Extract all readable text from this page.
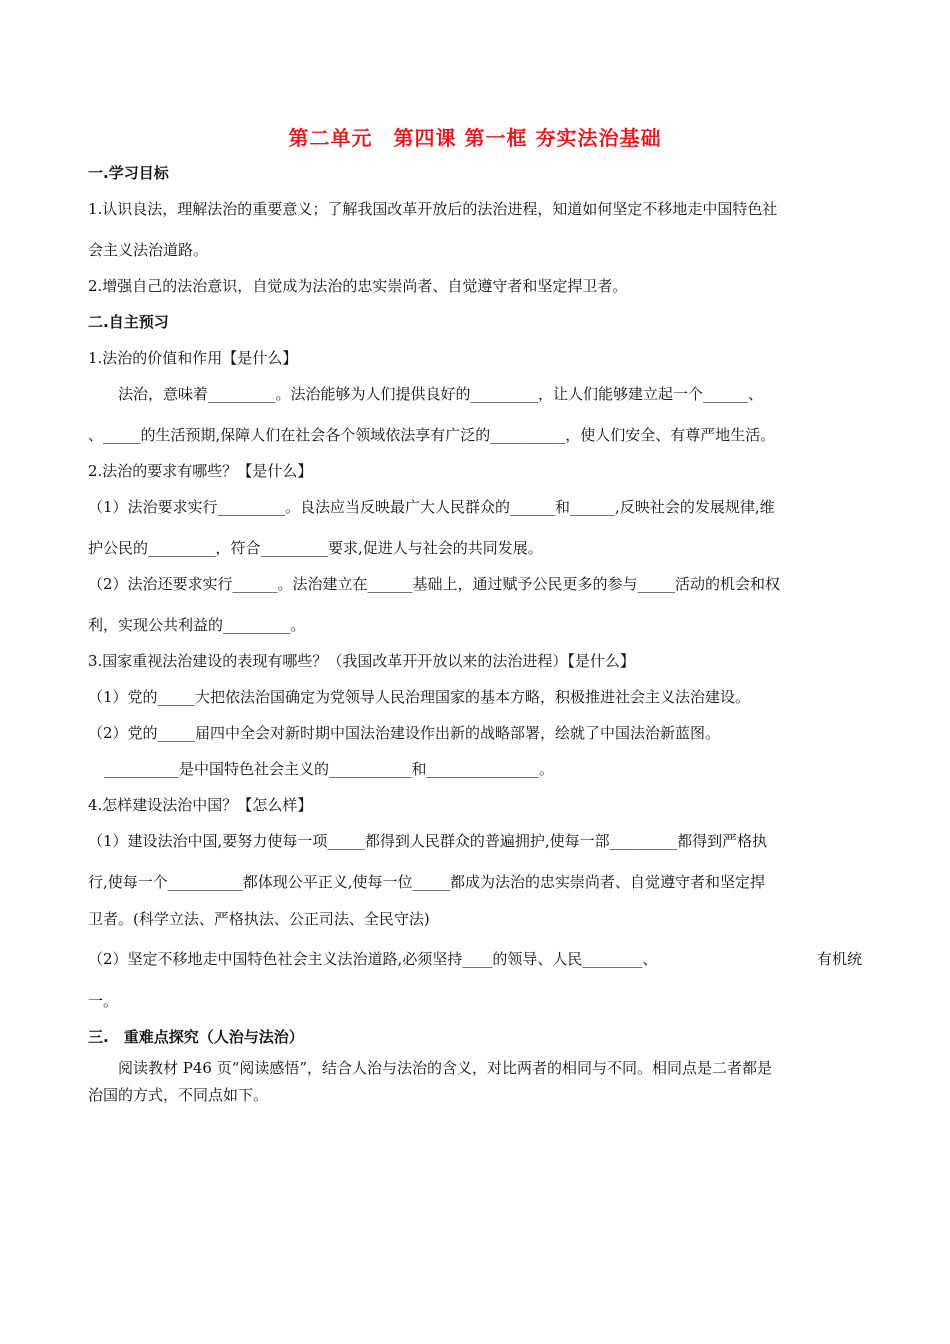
第二单元　第四课 第一框 夯实法治基础
一.学习目标
1.认识良法，理解法治的重要意义；了解我国改革开放后的法治进程，知道如何坚定不移地走中国特色社
会主义法治道路。
2.增强自己的法治意识，自觉成为法治的忠实崇尚者、自觉遵守者和坚定捍卫者。
二.自主预习
1.法治的价值和作用【是什么】
法治，意味着_________。法治能够为人们提供良好的_________，让人们能够建立起一个______、
、_____的生活预期,保障人们在社会各个领域依法享有广泛的__________，使人们安全、有尊严地生活。
2.法治的要求有哪些？【是什么】
（1）法治要求实行_________。良法应当反映最广大人民群众的______和______,反映社会的发展规律,维
护公民的_________，符合_________要求,促进人与社会的共同发展。
（2）法治还要求实行______。法治建立在______基础上，通过赋予公民更多的参与_____活动的机会和权
利，实现公共利益的_________。
3.国家重视法治建设的表现有哪些？（我国改革开开放以来的法治进程）【是什么】
（1）党的_____大把依法治国确定为党领导人民治理国家的基本方略，积极推进社会主义法治建设。
（2）党的_____届四中全会对新时期中国法治建设作出新的战略部署，绘就了中国法治新蓝图。
__________是中国特色社会主义的___________和_______________。
4.怎样建设法治中国？【怎么样】
（1）建设法治中国,要努力使每一项_____都得到人民群众的普遍拥护,使每一部_________都得到严格执
行,使每一个__________都体现公平正义,使每一位_____都成为法治的忠实崇尚者、自觉遵守者和坚定捍
卫者。(科学立法、严格执法、公正司法、全民守法)
（2）坚定不移地走中国特色社会主义法治道路,必须坚持____的领导、人民________、	有机统
一。
三.　重难点探究（人治与法治）
阅读教材 P46 页“阅读感悟”，结合人治与法治的含义，对比两者的相同与不同。相同点是二者都是
治国的方式，不同点如下。
